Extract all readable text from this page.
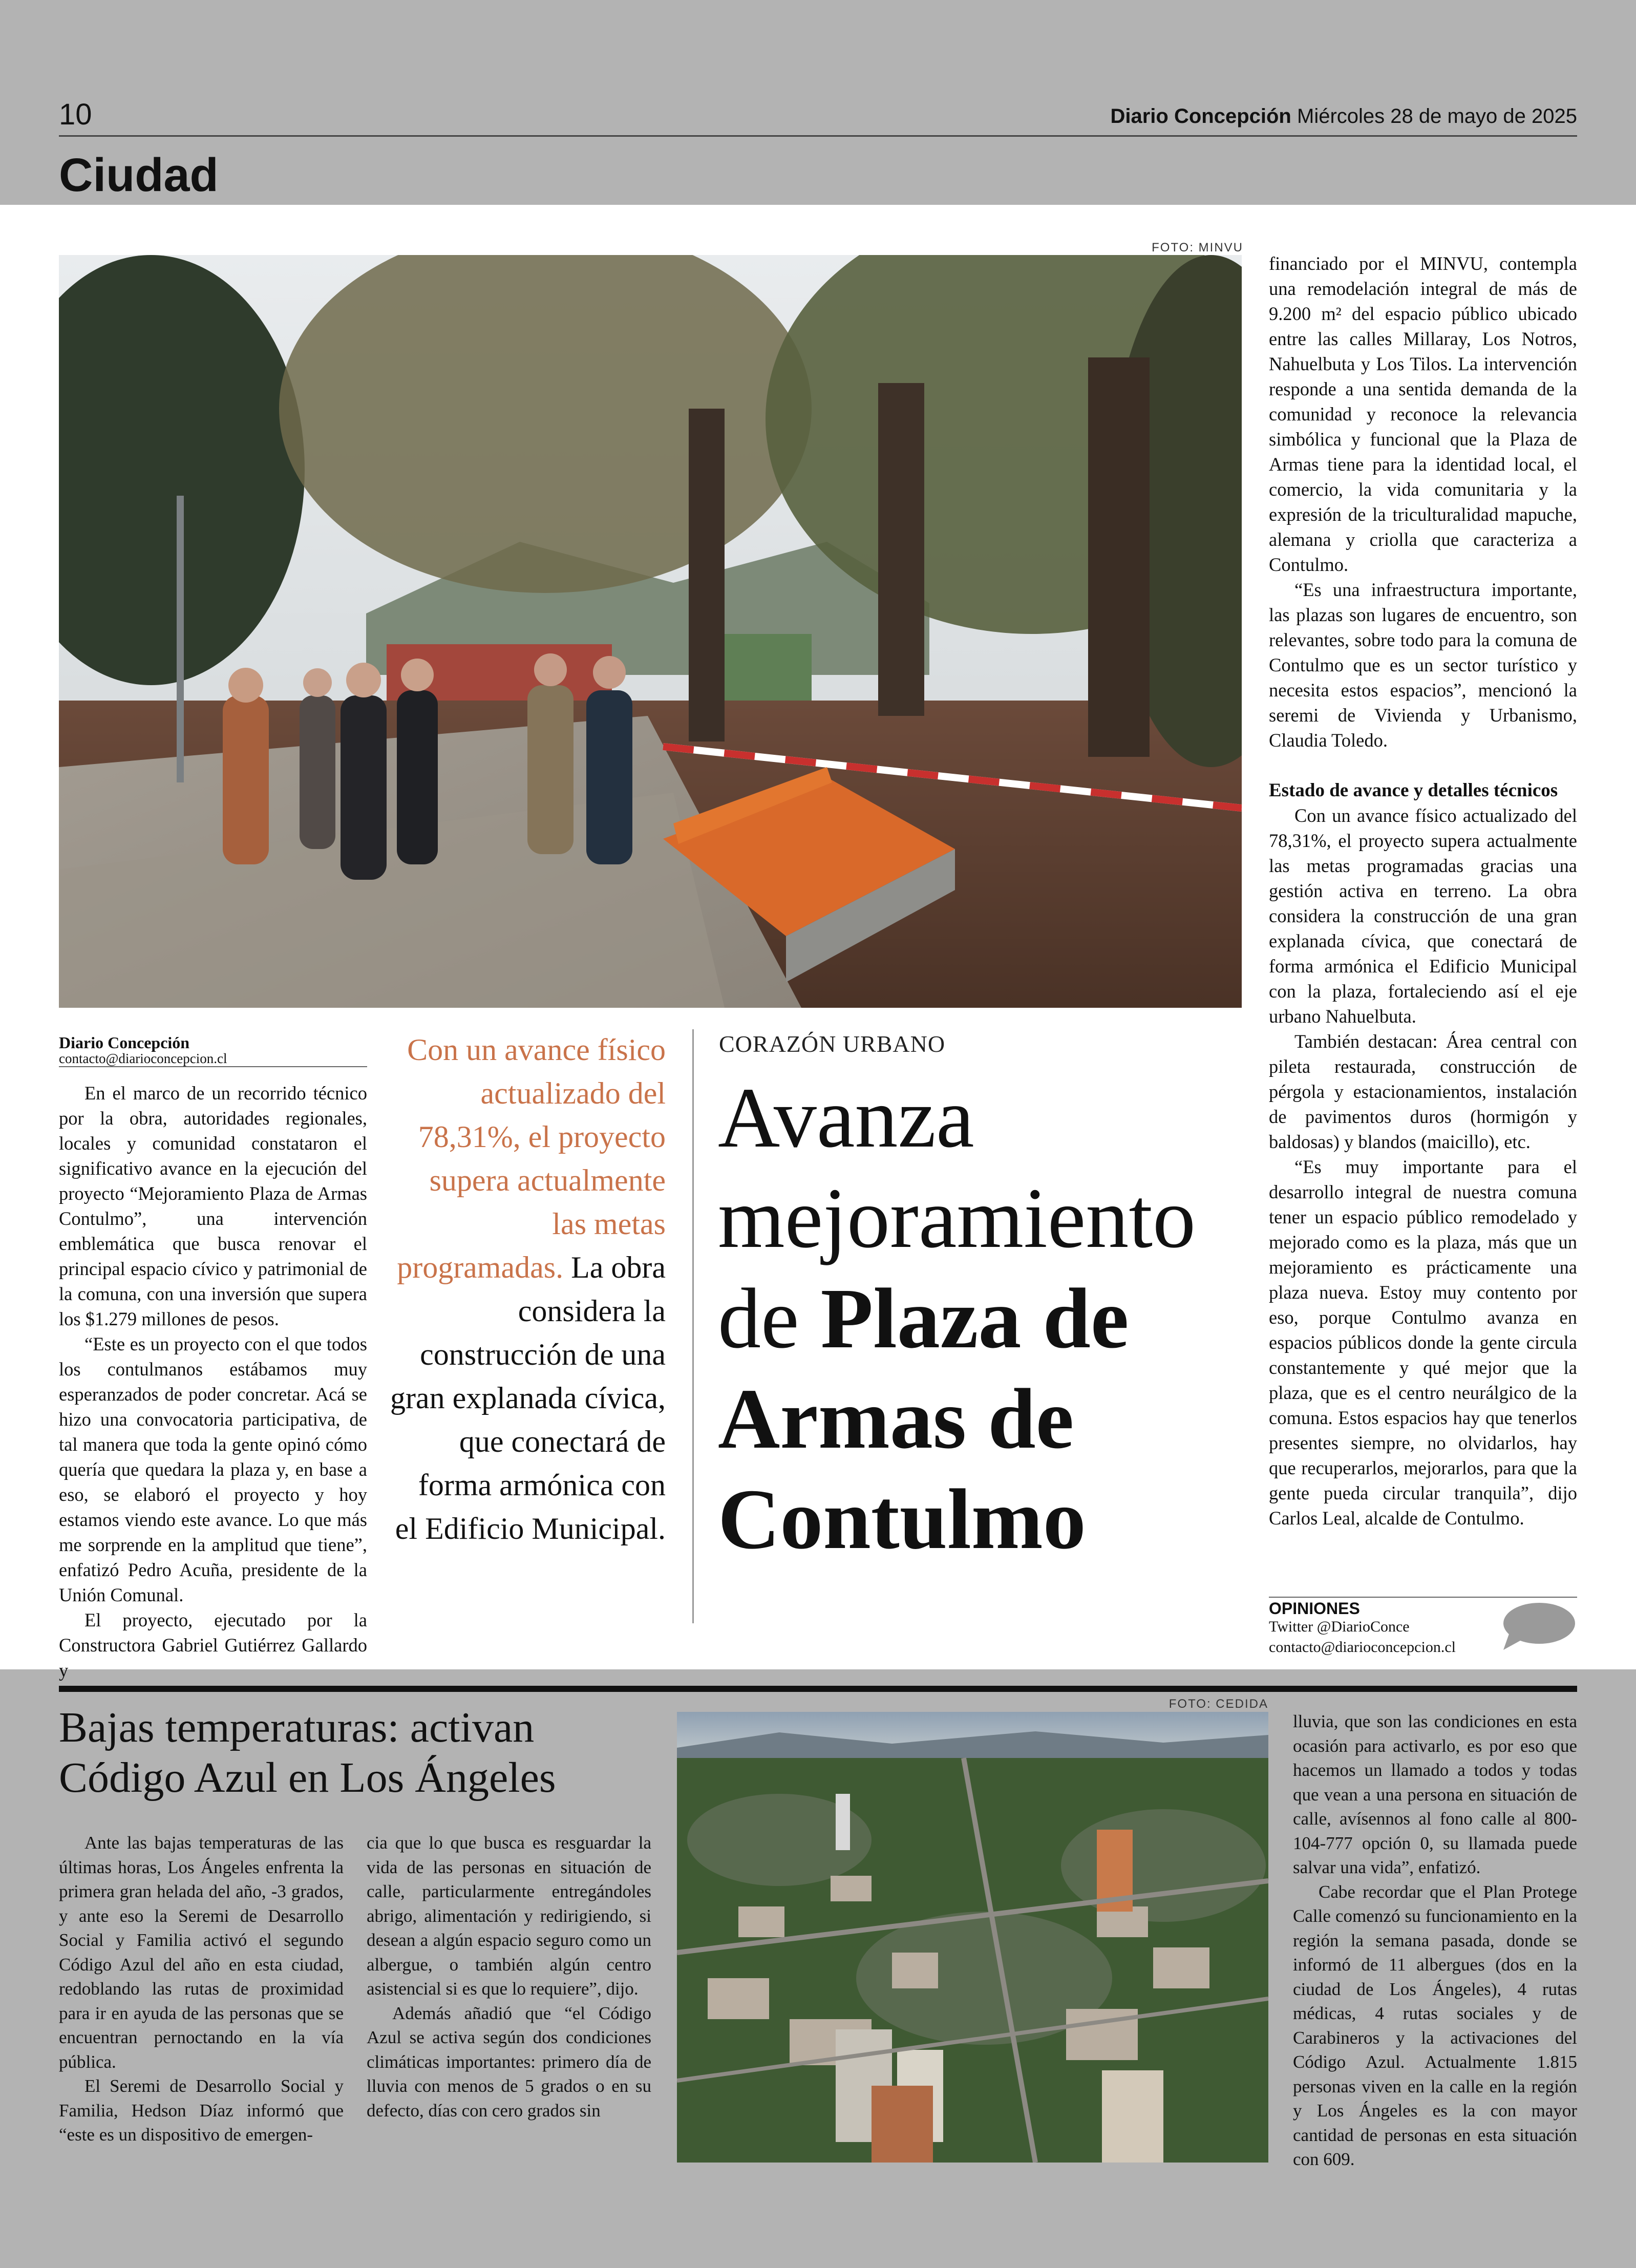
10	Diario Concepción Miércoles 28 de mayo de 2025
Ciudad
FOTO: MINVU
Diario Concepción
contacto@diarioconcepcion.cl

En el marco de un recorrido técnico por la obra, autoridades regionales, locales y comunidad constataron el significativo avance en la ejecución del proyecto “Mejoramiento Plaza de Armas Contulmo”, una intervención emblemática que busca renovar el principal espacio cívico y patrimonial de la comuna, con una inversión que supera los $1.279 millones de pesos.

“Este es un proyecto con el que todos los contulmanos estábamos muy esperanzados de poder concretar. Acá se hizo una convocatoria participativa, de tal manera que toda la gente opinó cómo quería que quedara la plaza y, en base a eso, se elaboró el proyecto y hoy estamos viendo este avance. Lo que más me sorprende en la amplitud que tiene”, enfatizó Pedro Acuña, presidente de la Unión Comunal.

El proyecto, ejecutado por la Constructora Gabriel Gutiérrez Gallardo y

Con un avance físico actualizado del 78,31%, el proyecto supera actualmente las metas programadas. La obra considera la construcción de una gran explanada cívica, que conectará de forma armónica con el Edificio Municipal.
CORAZÓN URBANO
Avanza
mejoramiento
de Plaza de
Armas de
Contulmo

financiado por el MINVU, contempla una remodelación integral de más de 9.200 m² del espacio público ubicado entre las calles Millaray, Los Notros, Nahuelbuta y Los Tilos. La intervención responde a una sentida demanda de la comunidad y reconoce la relevancia simbólica y funcional que la Plaza de Armas tiene para la identidad local, el comercio, la vida comunitaria y la expresión de la triculturalidad mapuche, alemana y criolla que caracteriza a Contulmo.

“Es una infraestructura importante, las plazas son lugares de encuentro, son relevantes, sobre todo para la comuna de Contulmo que es un sector turístico y necesita estos espacios”, mencionó la seremi de Vivienda y Urbanismo, Claudia Toledo.

Estado de avance y detalles técnicos

Con un avance físico actualizado del 78,31%, el proyecto supera actualmente las metas programadas gracias una gestión activa en terreno. La obra considera la construcción de una gran explanada cívica, que conectará de forma armónica el Edificio Municipal con la plaza, fortaleciendo así el eje urbano Nahuelbuta.

También destacan: Área central con pileta restaurada, construcción de pérgola y estacionamientos, instalación de pavimentos duros (hormigón y baldosas) y blandos (maicillo), etc.

“Es muy importante para el desarrollo integral de nuestra comuna tener un espacio público remodelado y mejorado como es la plaza, más que un mejoramiento es prácticamente una plaza nueva. Estoy muy contento por eso, porque Contulmo avanza en espacios públicos donde la gente circula constantemente y qué mejor que la plaza, que es el centro neurálgico de la comuna. Estos espacios hay que tenerlos presentes siempre, no olvidarlos, hay que recuperarlos, mejorarlos, para que la gente pueda circular tranquila”, dijo Carlos Leal, alcalde de Contulmo.

OPINIONES
Twitter @DiarioConce
contacto@diarioconcepcion.cl
Bajas temperaturas: activan
Código Azul en Los Ángeles

Ante las bajas temperaturas de las últimas horas, Los Ángeles enfrenta la primera gran helada del año, -3 grados, y ante eso la Seremi de Desarrollo Social y Familia activó el segundo Código Azul del año en esta ciudad, redoblando las rutas de proximidad para ir en ayuda de las personas que se encuentran pernoctando en la vía pública.

El Seremi de Desarrollo Social y Familia, Hedson Díaz informó que “este es un dispositivo de emergen-

cia que lo que busca es resguardar la vida de las personas en situación de calle, particularmente entregándoles abrigo, alimentación y redirigiendo, si desean a algún espacio seguro como un albergue, o también algún centro asistencial si es que lo requiere”, dijo.

Además añadió que “el Código Azul se activa según dos condiciones climáticas importantes: primero día de lluvia con menos de 5 grados o en su defecto, días con cero grados sin

FOTO: CEDIDA

lluvia, que son las condiciones en esta ocasión para activarlo, es por eso que hacemos un llamado a todos y todas que vean a una persona en situación de calle, avísennos al fono calle al 800-104-777 opción 0, su llamada puede salvar una vida”, enfatizó.

Cabe recordar que el Plan Protege Calle comenzó su funcionamiento en la región la semana pasada, donde se informó de 11 albergues (dos en la ciudad de Los Ángeles), 4 rutas médicas, 4 rutas sociales y de Carabineros y la activaciones del Código Azul. Actualmente 1.815 personas viven en la calle en la región y Los Ángeles es la con mayor cantidad de personas en esta situación con 609.
